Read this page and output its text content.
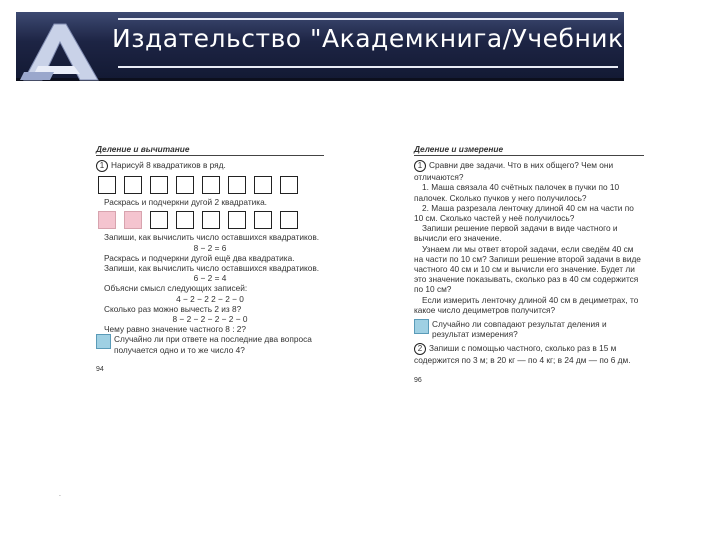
Издательство "Академкнига/Учебник"
Деление и вычитание

1 Нарисуй 8 квадратиков в ряд.

Раскрась и подчеркни дугой 2 квадратика.

Запиши, как вычислить число оставшихся квадратиков.

8 − 2 = 6

Раскрась и подчеркни дугой ещё два квадратика.

Запиши, как вычислить число оставшихся квадратиков.

6 − 2 = 4

Объясни смысл следующих записей:

4 − 2 − 2 2 − 2 − 0

Сколько раз можно вычесть 2 из 8?

8 − 2 − 2 − 2 − 2 − 0

Чему равно значение частного 8 : 2?

Случайно ли при ответе на последние два вопроса получается одно и то же число 4?

94
Деление и измерение

1 Сравни две задачи. Что в них общего? Чем они отличаются?

1. Маша связала 40 счётных палочек в пучки по 10 палочек. Сколько пучков у него получилось?

2. Маша разрезала ленточку длиной 40 см на части по 10 см. Сколько частей у неё получилось?

Запиши решение первой задачи в виде частного и вычисли его значение.

Узнаем ли мы ответ второй задачи, если сведём 40 см на части по 10 см? Запиши решение второй задачи в виде частного 40 см и 10 см и вычисли его значение. Будет ли это значение показывать, сколько раз в 40 см содержится по 10 см?

Если измерить ленточку длиной 40 см в дециметрах, то какое число дециметров получится?

Случайно ли совпадают результат деления и результат измерения?

2 Запиши с помощью частного, сколько раз в 15 м содержится по 3 м; в 20 кг — по 4 кг; в 24 дм — по 6 дм.

96
.
